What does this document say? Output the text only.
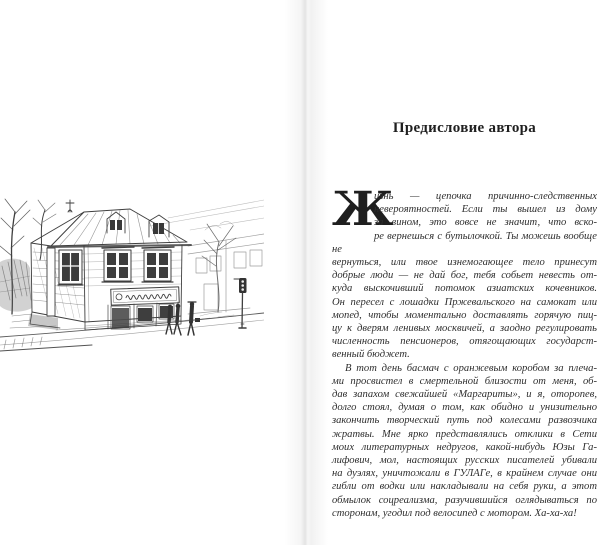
Предисловие автора
Ж
изнь — цепочка причинно-следственных
невероятностей. Если ты вышел из дому
за вином, это вовсе не значит, что вско-
ре вернешься с бутылочкой. Ты можешь вообще не
вернуться, или твое изнемогающее тело принесут
добрые люди — не дай бог, тебя собьет невесть от-
куда выскочивший потомок азиатских кочевников.
Он пересел с лошадки Пржевальского на самокат или
мопед, чтобы моментально доставлять горячую пиц-
цу к дверям ленивых москвичей, а заодно регулировать
численность пенсионеров, отягощающих государст-
венный бюджет.
В тот день басмач с оранжевым коробом за плеча-
ми просвистел в смертельной близости от меня, об-
дав запахом свежайшей «Маргариты», и я, оторопев,
долго стоял, думая о том, как обидно и унизительно
закончить творческий путь под колесами развозчика
жратвы. Мне ярко представлялись отклики в Сети
моих литературных недругов, какой-нибудь Юзы Га-
лифович, мол, настоящих русских писателей убивали
на дуэлях, уничтожали в ГУЛАГе, в крайнем случае они
гибли от водки или накладывали на себя руки, а этот
обмылок соцреализма, разучившийся оглядываться по
сторонам, угодил под велосипед с мотором. Ха-ха-ха!
